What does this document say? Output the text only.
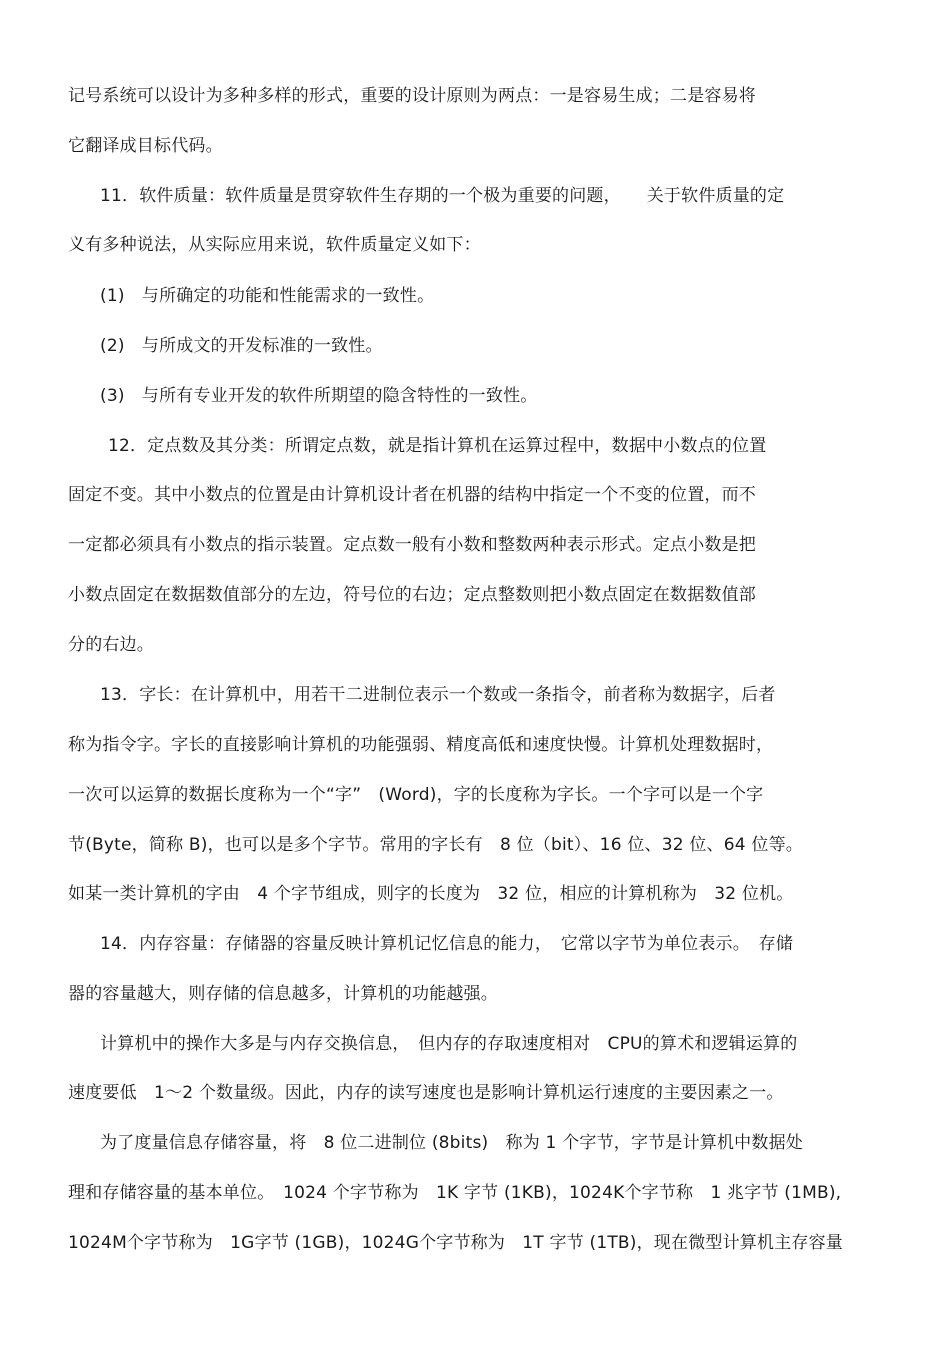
记号系统可以设计为多种多样的形式，重要的设计原则为两点：一是容易生成；二是容易将
它翻译成目标代码。
11．软件质量：软件质量是贯穿软件生存期的一个极为重要的问题，　　关于软件质量的定
义有多种说法，从实际应用来说，软件质量定义如下：
(1)　与所确定的功能和性能需求的一致性。
(2)　与所成文的开发标准的一致性。
(3)　与所有专业开发的软件所期望的隐含特性的一致性。
12．定点数及其分类：所谓定点数，就是指计算机在运算过程中，数据中小数点的位置
固定不变。其中小数点的位置是由计算机设计者在机器的结构中指定一个不变的位置，而不
一定都必须具有小数点的指示装置。定点数一般有小数和整数两种表示形式。定点小数是把
小数点固定在数据数值部分的左边，符号位的右边；定点整数则把小数点固定在数据数值部
分的右边。
13．字长：在计算机中，用若干二进制位表示一个数或一条指令，前者称为数据字，后者
称为指令字。字长的直接影响计算机的功能强弱、精度高低和速度快慢。计算机处理数据时，
一次可以运算的数据长度称为一个“字”　(Word)，字的长度称为字长。一个字可以是一个字
节(Byte，简称 B)，也可以是多个字节。常用的字长有　8 位（bit）、16 位、32 位、64 位等。
如某一类计算机的字由　4 个字节组成，则字的长度为　32 位，相应的计算机称为　32 位机。
14．内存容量：存储器的容量反映计算机记忆信息的能力，　它常以字节为单位表示。　存储
器的容量越大，则存储的信息越多，计算机的功能越强。
计算机中的操作大多是与内存交换信息，　但内存的存取速度相对　CPU的算术和逻辑运算的
速度要低　1～2 个数量级。因此，内存的读写速度也是影响计算机运行速度的主要因素之一。
为了度量信息存储容量，将　8 位二进制位 (8bits)　称为 1 个字节，字节是计算机中数据处
理和存储容量的基本单位。　1024 个字节称为　1K 字节 (1KB)，1024K个字节称　1 兆字节 (1MB),
1024M个字节称为　1G字节 (1GB)，1024G个字节称为　1T 字节 (1TB)，现在微型计算机主存容量
